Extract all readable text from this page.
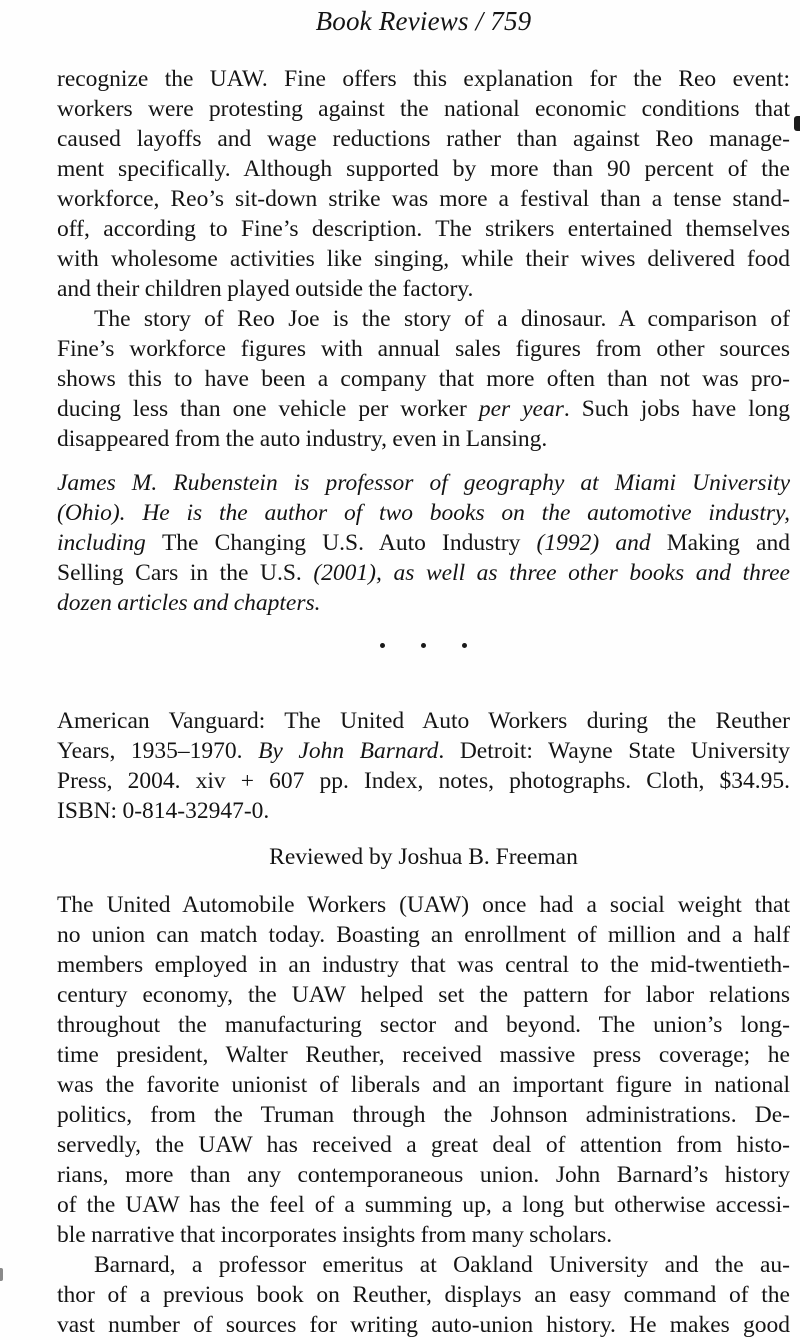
Book Reviews / 759
recognize the UAW. Fine offers this explanation for the Reo event:
workers were protesting against the national economic conditions that
caused layoffs and wage reductions rather than against Reo manage-
ment specifically. Although supported by more than 90 percent of the
workforce, Reo’s sit-down strike was more a festival than a tense stand-
off, according to Fine’s description. The strikers entertained themselves
with wholesome activities like singing, while their wives delivered food
and their children played outside the factory.
The story of Reo Joe is the story of a dinosaur. A comparison of
Fine’s workforce figures with annual sales figures from other sources
shows this to have been a company that more often than not was pro-
ducing less than one vehicle per worker per year. Such jobs have long
disappeared from the auto industry, even in Lansing.
James M. Rubenstein is professor of geography at Miami University
(Ohio). He is the author of two books on the automotive industry,
including The Changing U.S. Auto Industry (1992) and Making and
Selling Cars in the U.S. (2001), as well as three other books and three
dozen articles and chapters.
American Vanguard: The United Auto Workers during the Reuther
Years, 1935–1970. By John Barnard. Detroit: Wayne State University
Press, 2004. xiv + 607 pp. Index, notes, photographs. Cloth, $34.95.
ISBN: 0-814-32947-0.
Reviewed by Joshua B. Freeman
The United Automobile Workers (UAW) once had a social weight that
no union can match today. Boasting an enrollment of million and a half
members employed in an industry that was central to the mid-twentieth-
century economy, the UAW helped set the pattern for labor relations
throughout the manufacturing sector and beyond. The union’s long-
time president, Walter Reuther, received massive press coverage; he
was the favorite unionist of liberals and an important figure in national
politics, from the Truman through the Johnson administrations. De-
servedly, the UAW has received a great deal of attention from histo-
rians, more than any contemporaneous union. John Barnard’s history
of the UAW has the feel of a summing up, a long but otherwise accessi-
ble narrative that incorporates insights from many scholars.
Barnard, a professor emeritus at Oakland University and the au-
thor of a previous book on Reuther, displays an easy command of the
vast number of sources for writing auto-union history. He makes good
